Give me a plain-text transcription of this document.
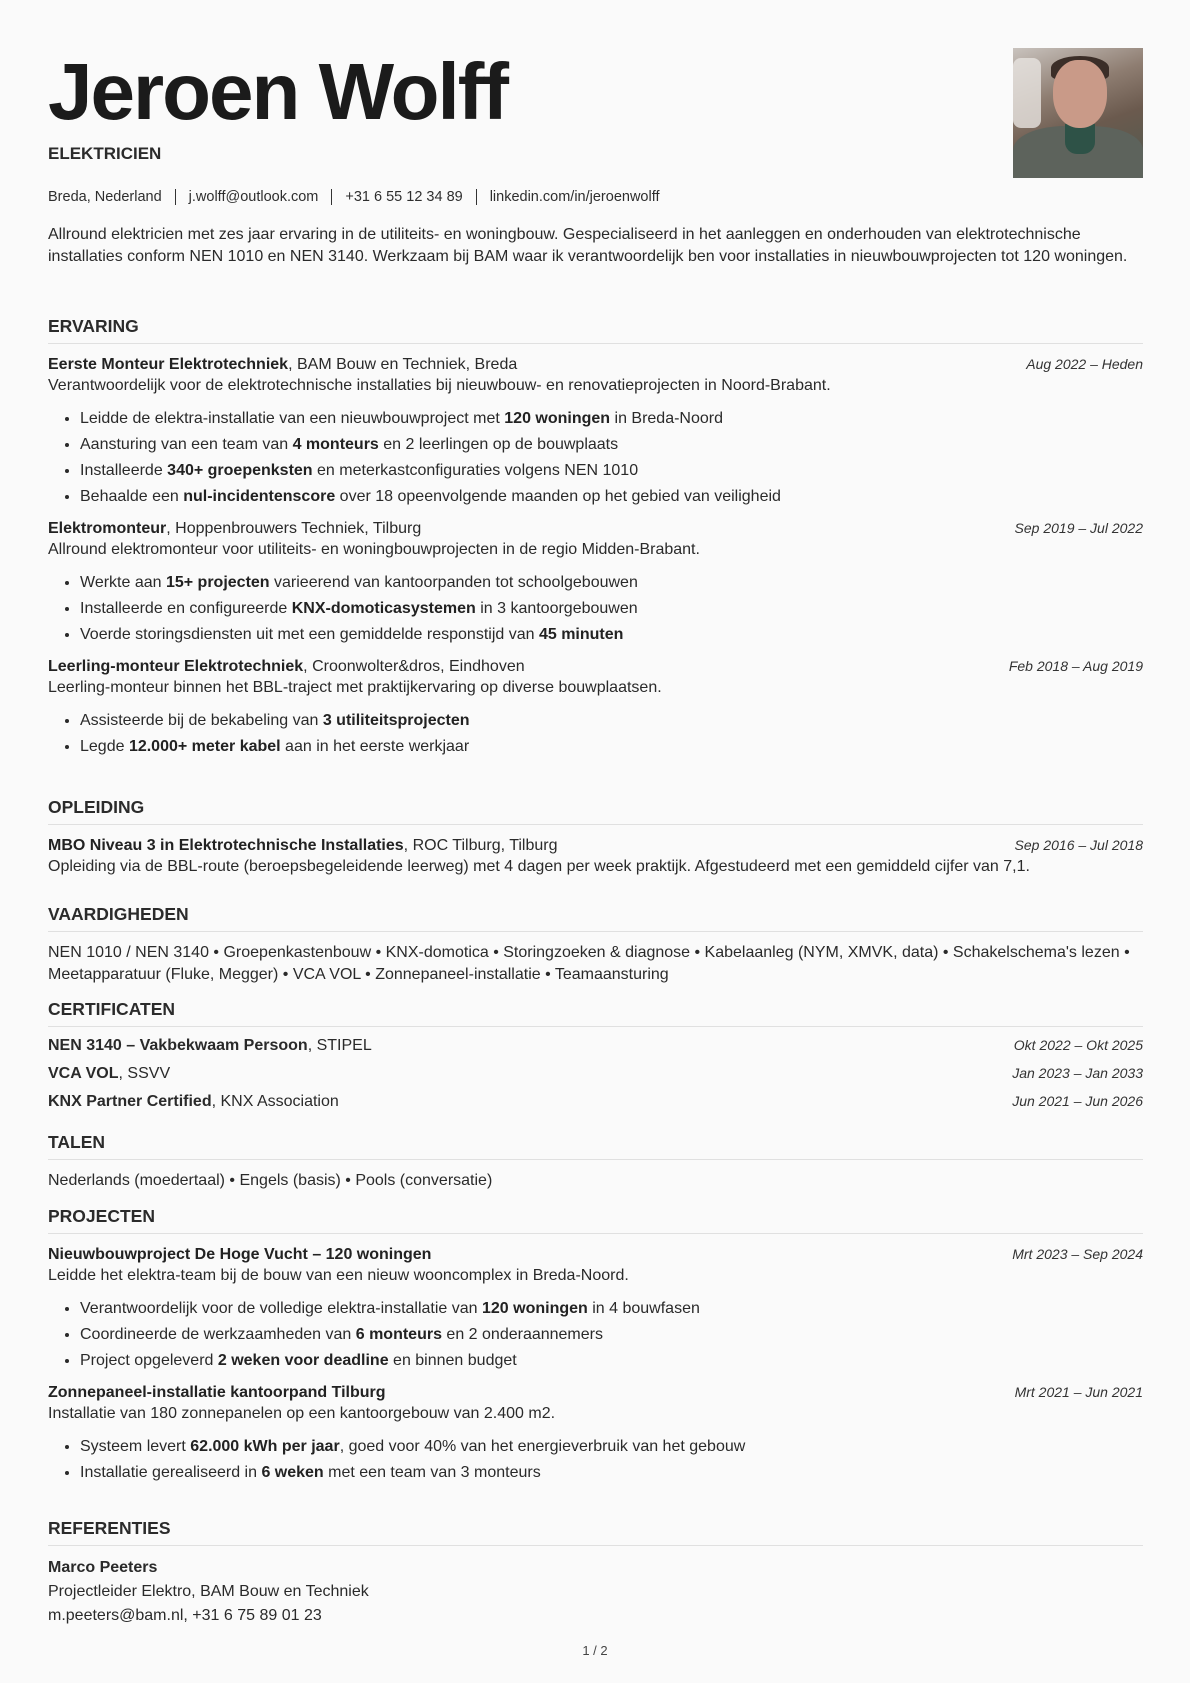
Jeroen Wolff
ELEKTRICIEN
Breda, Nederland j.wolff@outlook.com +31 6 55 12 34 89 linkedin.com/in/jeroenwolff

Allround elektricien met zes jaar ervaring in de utiliteits- en woningbouw. Gespecialiseerd in het aanleggen en onderhouden van elektrotechnische installaties conform NEN 1010 en NEN 3140. Werkzaam bij BAM waar ik verantwoordelijk ben voor installaties in nieuwbouwprojecten tot 120 woningen.

ERVARING
Eerste Monteur Elektrotechniek, BAM Bouw en Techniek, Breda	Aug 2022 – Heden

Verantwoordelijk voor de elektrotechnische installaties bij nieuwbouw- en renovatieprojecten in Noord-Brabant.

• Leidde de elektra-installatie van een nieuwbouwproject met 120 woningen in Breda-Noord
• Aansturing van een team van 4 monteurs en 2 leerlingen op de bouwplaats
• Installeerde 340+ groepenksten en meterkastconfiguraties volgens NEN 1010
• Behaalde een nul-incidentenscore over 18 opeenvolgende maanden op het gebied van veiligheid
Elektromonteur, Hoppenbrouwers Techniek, Tilburg	Sep 2019 – Jul 2022

Allround elektromonteur voor utiliteits- en woningbouwprojecten in de regio Midden-Brabant.

• Werkte aan 15+ projecten varieerend van kantoorpanden tot schoolgebouwen
• Installeerde en configureerde KNX-domoticasystemen in 3 kantoorgebouwen
• Voerde storingsdiensten uit met een gemiddelde responstijd van 45 minuten
Leerling-monteur Elektrotechniek, Croonwolter&dros, Eindhoven	Feb 2018 – Aug 2019

Leerling-monteur binnen het BBL-traject met praktijkervaring op diverse bouwplaatsen.

• Assisteerde bij de bekabeling van 3 utiliteitsprojecten
• Legde 12.000+ meter kabel aan in het eerste werkjaar
OPLEIDING
MBO Niveau 3 in Elektrotechnische Installaties, ROC Tilburg, Tilburg	Sep 2016 – Jul 2018

Opleiding via de BBL-route (beroepsbegeleidende leerweg) met 4 dagen per week praktijk. Afgestudeerd met een gemiddeld cijfer van 7,1.

VAARDIGHEDEN
NEN 1010 / NEN 3140 • Groepenkastenbouw • KNX-domotica • Storingzoeken & diagnose • Kabelaanleg (NYM, XMVK, data) • Schakelschema's lezen • Meetapparatuur (Fluke, Megger) • VCA VOL • Zonnepaneel-installatie • Teamaansturing
CERTIFICATEN
NEN 3140 – Vakbekwaam Persoon, STIPEL	Okt 2022 – Okt 2025
VCA VOL, SSVV	Jan 2023 – Jan 2033
KNX Partner Certified, KNX Association	Jun 2021 – Jun 2026
TALEN
Nederlands (moedertaal) • Engels (basis) • Pools (conversatie)
PROJECTEN
Nieuwbouwproject De Hoge Vucht – 120 woningen	Mrt 2023 – Sep 2024

Leidde het elektra-team bij de bouw van een nieuw wooncomplex in Breda-Noord.

• Verantwoordelijk voor de volledige elektra-installatie van 120 woningen in 4 bouwfasen
• Coordineerde de werkzaamheden van 6 monteurs en 2 onderaannemers
• Project opgeleverd 2 weken voor deadline en binnen budget
Zonnepaneel-installatie kantoorpand Tilburg	Mrt 2021 – Jun 2021

Installatie van 180 zonnepanelen op een kantoorgebouw van 2.400 m2.

• Systeem levert 62.000 kWh per jaar, goed voor 40% van het energieverbruik van het gebouw
• Installatie gerealiseerd in 6 weken met een team van 3 monteurs
REFERENTIES
Marco Peeters
Projectleider Elektro, BAM Bouw en Techniek
m.peeters@bam.nl, +31 6 75 89 01 23
1 / 2
